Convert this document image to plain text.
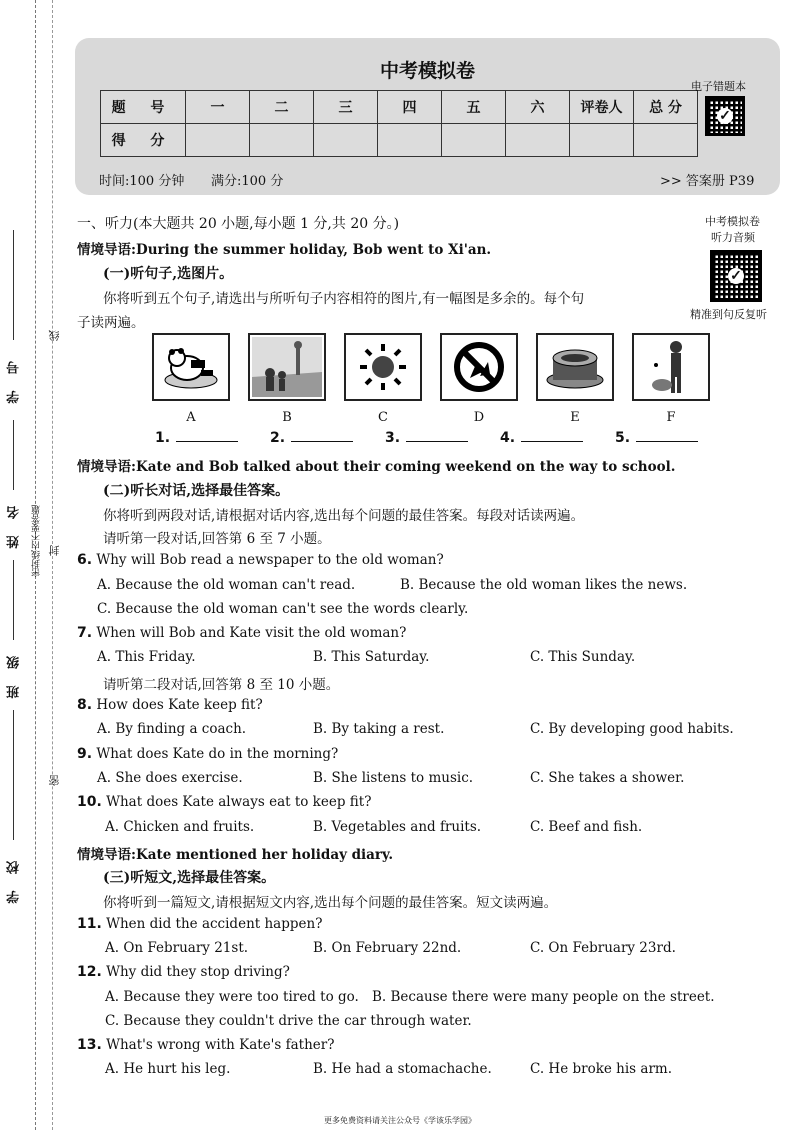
学 号
姓 名
班 级
学 校
密封线内不要答题
线
封
密
中考模拟卷
题 号	一	二	三	四	五	六	评卷人	总 分
得 分								
电子错题本
✓
时间:100 分钟 满分:100 分	>> 答案册 P39
中考模拟卷
听力音频
✓
精准到句反复听
一、听力(本大题共 20 小题,每小题 1 分,共 20 分。)
情境导语:During the summer holiday, Bob went to Xi'an.
(一)听句子,选图片。
你将听到五个句子,请选出与所听句子内容相符的图片,有一幅图是多余的。每个句
子读两遍。
A	B	C	D	E	F
1.	2.	3.	4.	5.
情境导语:Kate and Bob talked about their coming weekend on the way to school.
(二)听长对话,选择最佳答案。
你将听到两段对话,请根据对话内容,选出每个问题的最佳答案。每段对话读两遍。
请听第一段对话,回答第 6 至 7 小题。
6. Why will Bob read a newspaper to the old woman?
A. Because the old woman can't read.	B. Because the old woman likes the news.
C. Because the old woman can't see the words clearly.
7. When will Bob and Kate visit the old woman?
A. This Friday.	B. This Saturday.	C. This Sunday.
请听第二段对话,回答第 8 至 10 小题。
8. How does Kate keep fit?
A. By finding a coach.	B. By taking a rest.	C. By developing good habits.
9. What does Kate do in the morning?
A. She does exercise.	B. She listens to music.	C. She takes a shower.
10. What does Kate always eat to keep fit?
A. Chicken and fruits.	B. Vegetables and fruits.	C. Beef and fish.
情境导语:Kate mentioned her holiday diary.
(三)听短文,选择最佳答案。
你将听到一篇短文,请根据短文内容,选出每个问题的最佳答案。短文读两遍。
11. When did the accident happen?
A. On February 21st.	B. On February 22nd.	C. On February 23rd.
12. Why did they stop driving?
A. Because they were too tired to go. B. Because there were many people on the street.
C. Because they couldn't drive the car through water.
13. What's wrong with Kate's father?
A. He hurt his leg.	B. He had a stomachache.	C. He broke his arm.
更多免费资料请关注公众号《学该乐学园》
